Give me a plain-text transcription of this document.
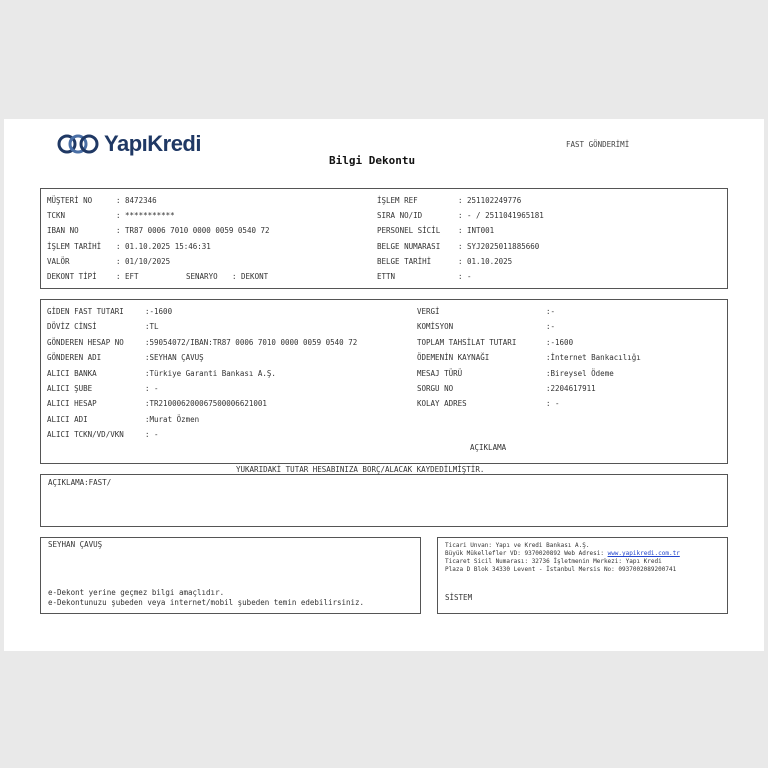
YapıKredi
Bilgi Dekontu
FAST GÖNDERİMİ
SENARYO : DEKONT
AÇIKLAMA
YUKARIDAKİ TUTAR HESABINIZA BORÇ/ALACAK KAYDEDİLMİŞTİR.
AÇIKLAMA:FAST/
SEYHAN ÇAVUŞ
e-Dekont yerine geçmez bilgi amaçlıdır.
e-Dekontunuzu şubeden veya internet/mobil şubeden temin edebilirsiniz.
Ticari Unvan: Yapı ve Kredi Bankası A.Ş.
Büyük Mükellefler VD: 9370020892 Web Adresi: www.yapikredi.com.tr
Ticaret Sicil Numarası: 32736 İşletmenin Merkezi: Yapı Kredi
Plaza D Blok 34330 Levent - İstanbul Mersis No: 0937002089200741
SİSTEM
MÜŞTERİ NO	: 8472346
TCKN	: ***********
IBAN NO	: TR87 0006 7010 0000 0059 0540 72
İŞLEM TARİHİ : 01.10.2025 15:46:31
VALÖR	: 01/10/2025
DEKONT TİPİ	: EFT
İŞLEM REF	: 251102249776
SIRA NO/ID	: - / 2511041965181
PERSONEL SİCİL : INT001
BELGE NUMARASI : SYJ2025011885660
BELGE TARİHİ	: 01.10.2025
ETTN	: -
GİDEN FAST TUTARI	:-1600
DÖVİZ CİNSİ	:TL
GÖNDEREN HESAP NO	:59054072/IBAN:TR87 0006 7010 0000 0059 0540 72
GÖNDEREN ADI	:SEYHAN ÇAVUŞ
ALICI BANKA	:Türkiye Garanti Bankası A.Ş.
ALICI ŞUBE	: -
ALICI HESAP	:TR210006200067500006621001
ALICI ADI	:Murat Özmen
ALICI TCKN/VD/VKN	: -
VERGİ	:-
KOMİSYON	:-
TOPLAM TAHSİLAT TUTARI	:-1600
ÖDEMENİN KAYNAĞI	:İnternet Bankacılığı
MESAJ TÜRÜ	:Bireysel Ödeme
SORGU NO	:2204617911
KOLAY ADRES	: -
